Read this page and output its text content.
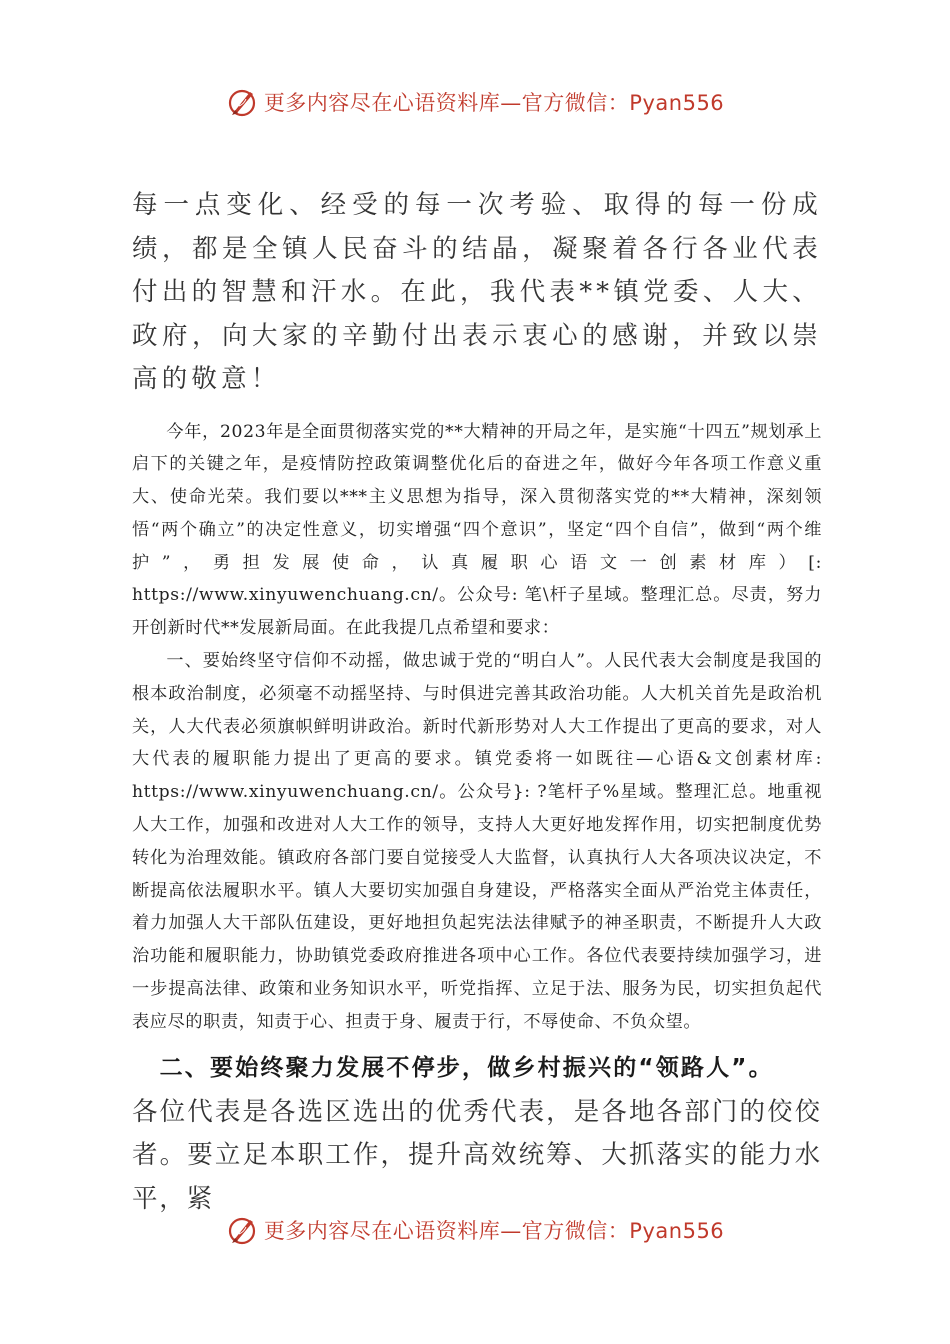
更多内容尽在心语资料库—官方微信：Pyan556

每一点变化、经受的每一次考验、取得的每一份成绩，都是全镇人民奋斗的结晶，凝聚着各行各业代表付出的智慧和汗水。在此，我代表**镇党委、人大、政府，向大家的辛勤付出表示衷心的感谢，并致以崇高的敬意！

今年，2023年是全面贯彻落实党的**大精神的开局之年，是实施“十四五”规划承上启下的关键之年，是疫情防控政策调整优化后的奋进之年，做好今年各项工作意义重大、使命光荣。我们要以***主义思想为指导，深入贯彻落实党的**大精神，深刻领悟“两个确立”的决定性意义，切实增强“四个意识”，坚定“四个自信”，做到“两个维护”，勇担发展使命，认真履职心语文一创素材库）[: https://www.xinyuwenchuang.cn/。公众号: 笔\杆子星域。整理汇总。尽责，努力开创新时代**发展新局面。在此我提几点希望和要求：

一、要始终坚守信仰不动摇，做忠诚于党的“明白人”。人民代表大会制度是我国的根本政治制度，必须毫不动摇坚持、与时俱进完善其政治功能。人大机关首先是政治机关，人大代表必须旗帜鲜明讲政治。新时代新形势对人大工作提出了更高的要求，对人大代表的履职能力提出了更高的要求。镇党委将一如既往—心语&文创素材库: https://www.xinyuwenchuang.cn/。公众号}: ?笔杆子%星域。整理汇总。地重视人大工作，加强和改进对人大工作的领导，支持人大更好地发挥作用，切实把制度优势转化为治理效能。镇政府各部门要自觉接受人大监督，认真执行人大各项决议决定，不断提高依法履职水平。镇人大要切实加强自身建设，严格落实全面从严治党主体责任，着力加强人大干部队伍建设，更好地担负起宪法法律赋予的神圣职责，不断提升人大政治功能和履职能力，协助镇党委政府推进各项中心工作。各位代表要持续加强学习，进一步提高法律、政策和业务知识水平，听党指挥、立足于法、服务为民，切实担负起代表应尽的职责，知责于心、担责于身、履责于行，不辱使命、不负众望。

二、要始终聚力发展不停步，做乡村振兴的“领路人”。

各位代表是各选区选出的优秀代表，是各地各部门的佼佼者。要立足本职工作，提升高效统筹、大抓落实的能力水平，紧

更多内容尽在心语资料库—官方微信：Pyan556
